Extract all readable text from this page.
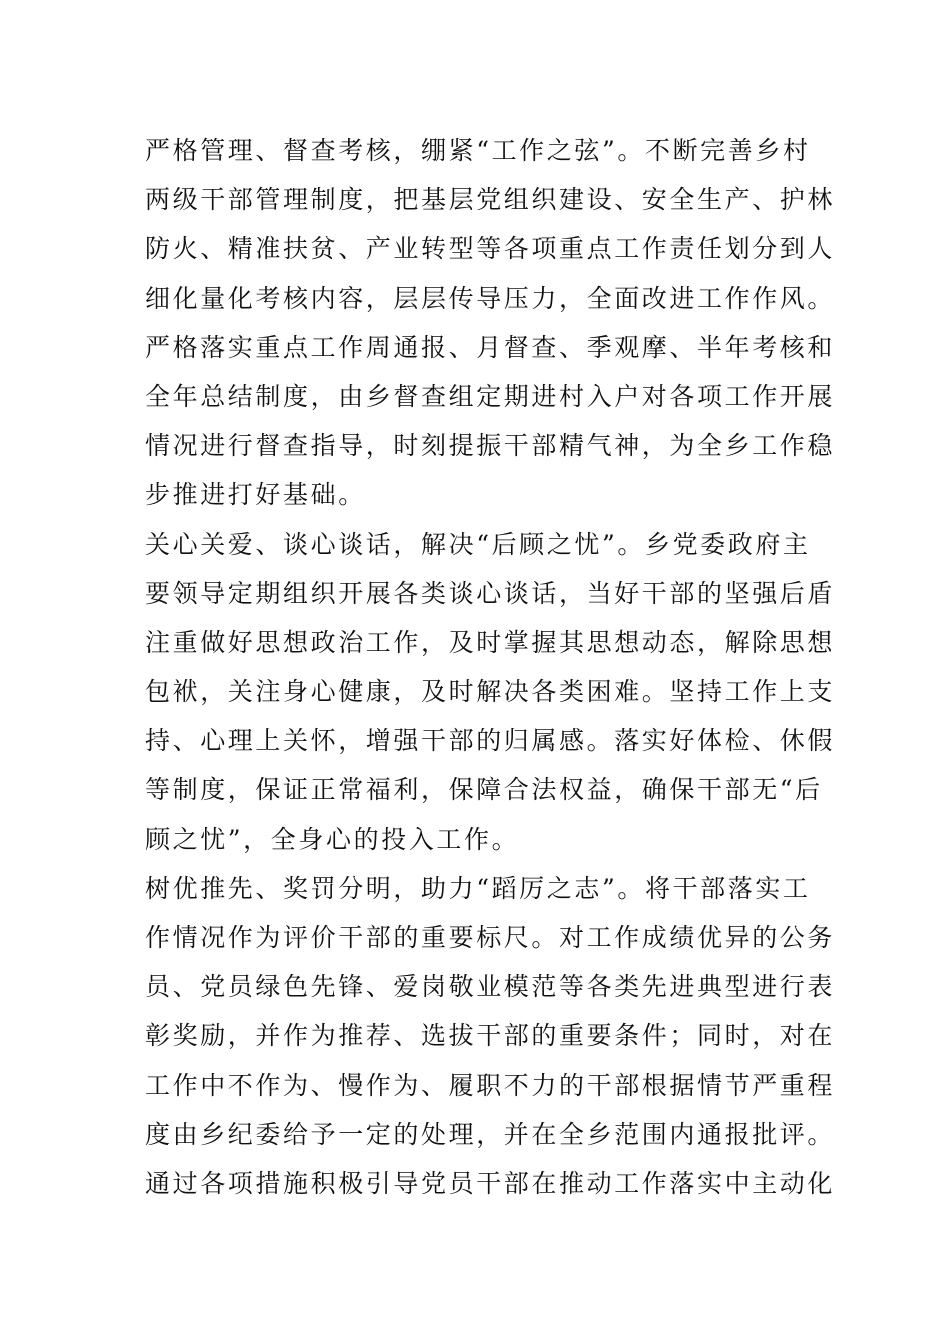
严格管理、督查考核，绷紧“工作之弦”。不断完善乡村
两级干部管理制度，把基层党组织建设、安全生产、护林
防火、精准扶贫、产业转型等各项重点工作责任划分到人
细化量化考核内容，层层传导压力，全面改进工作作风。
严格落实重点工作周通报、月督查、季观摩、半年考核和
全年总结制度，由乡督查组定期进村入户对各项工作开展
情况进行督查指导，时刻提振干部精气神，为全乡工作稳
步推进打好基础。
关心关爱、谈心谈话，解决“后顾之忧”。乡党委政府主
要领导定期组织开展各类谈心谈话，当好干部的坚强后盾
注重做好思想政治工作，及时掌握其思想动态，解除思想
包袱，关注身心健康，及时解决各类困难。坚持工作上支
持、心理上关怀，增强干部的归属感。落实好体检、休假
等制度，保证正常福利，保障合法权益，确保干部无“后
顾之忧”，全身心的投入工作。
树优推先、奖罚分明，助力“蹈厉之志”。将干部落实工
作情况作为评价干部的重要标尺。对工作成绩优异的公务
员、党员绿色先锋、爱岗敬业模范等各类先进典型进行表
彰奖励，并作为推荐、选拔干部的重要条件；同时，对在
工作中不作为、慢作为、履职不力的干部根据情节严重程
度由乡纪委给予一定的处理，并在全乡范围内通报批评。
通过各项措施积极引导党员干部在推动工作落实中主动化
